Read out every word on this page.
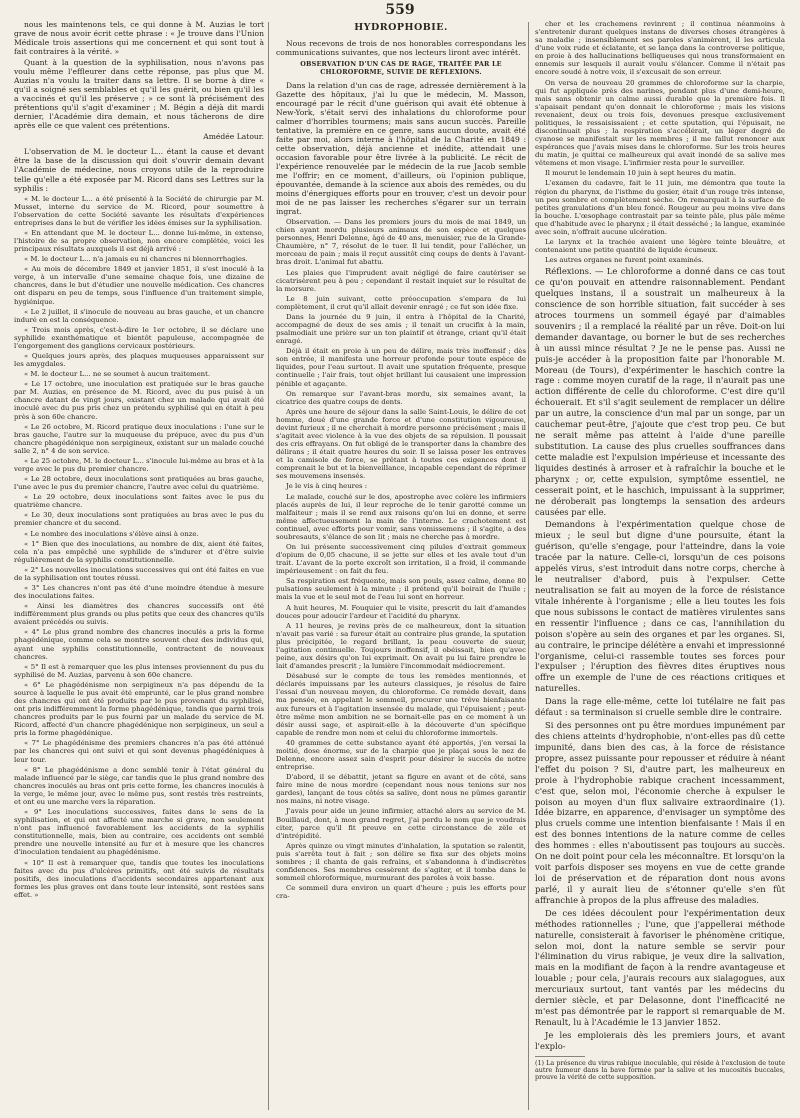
559

nous les maintenons tels, ce qui donne à M. Auzias le tort grave de nous avoir écrit cette phrase : « Je trouve dans l'Union Médicale trois assertions qui me concernent et qui sont tout à fait contraires à la vérité. »

Quant à la question de la syphilisation, nous n'avons pas voulu même l'effleurer dans cette réponse, pas plus que M. Auzias n'a voulu la traiter dans sa lettre. Il se borne à dire « qu'il a soigné ses semblables et qu'il les guérit, ou bien qu'il les a vaccinés et qu'il les préserve ; » ce sont là précisément des prétentions qu'il s'agit d'examiner ; M. Bégin a déjà dit mardi dernier, l'Académie dira demain, et nous tâcherons de dire après elle ce que valent ces prétentions.

Amédée Latour.

L'observation de M. le docteur L... étant la cause et devant être la base de la discussion qui doit s'ouvrir demain devant l'Académie de médecine, nous croyons utile de la reproduire telle qu'elle a été exposée par M. Ricord dans ses Lettres sur la syphilis :

« M. le docteur L... a été présenté à la Société de chirurgie par M. Musset, interne du service de M. Ricord, pour soumettre à l'observation de cette Société savante les résultats d'expériences entreprises dans le but de vérifier les idées émises sur la syphilisation.

« En attendant que M. le docteur L... donne lui-même, in extenso, l'histoire de sa propre observation, non encore complétée, voici les principaux résultats auxquels il est déjà arrivé :

« M. le docteur L... n'a jamais eu ni chancres ni blennorrhagies.

« Au mois de décembre 1849 et janvier 1851, il s'est inoculé à la verge, à un intervalle d'une semaine chaque fois, une dizaine de chancres, dans le but d'étudier une nouvelle médication. Ces chancres ont disparu en peu de temps, sous l'influence d'un traitement simple, hygiénique.

« Le 2 juillet, il s'inocule de nouveau au bras gauche, et un chancre induré en est la conséquence.

« Trois mois après, c'est-à-dire le 1er octobre, il se déclare une syphilide exanthématique et bientôt papuleuse, accompagnée de l'engorgement des ganglions cervicaux postérieurs.

« Quelques jours après, des plaques muqueuses apparaissent sur les amygdales.

« M. le docteur L... ne se soumet à aucun traitement.

« Le 17 octobre, une inoculation est pratiquée sur le bras gauche par M. Auzias, en présence de M. Ricord, avec du pus puisé à un chancre datant de vingt jours, existant chez un malade qui avait été inoculé avec du pus pris chez un prétendu syphilisé qui en était à peu près à son 60e chancre.

« Le 26 octobre, M. Ricord pratique deux inoculations : l'une sur le bras gauche, l'autre sur la muqueuse du prépuce, avec du pus d'un chancre phagédénique non serpigineux, existant sur un malade couché salle 2, n° 4 de son service.

« Le 25 octobre, M. le docteur L... s'inocule lui-même au bras et à la verge avec le pus du premier chancre.

« Le 28 octobre, deux inoculations sont pratiquées au bras gauche, l'une avec le pus du premier chancre, l'autre avec celui du quatrième.

« Le 29 octobre, deux inoculations sont faites avec le pus du quatrième chancre.

« Le 30, deux inoculations sont pratiquées au bras avec le pus du premier chancre et du second.

« Le nombre des inoculations s'élève ainsi à onze.

« 1° Bien que des inoculations, au nombre de dix, aient été faites, cela n'a pas empêché une syphilide de s'indurer et d'être suivie régulièrement de la syphilis constitutionnelle.

« 2° Les nouvelles inoculations successives qui ont été faites en vue de la syphilisation ont toutes réussi.

« 3° Les chancres n'ont pas été d'une moindre étendue à mesure des inoculations faites.

« Ainsi les diamètres des chancres successifs ont été indifféremment plus grands ou plus petits que ceux des chancres qu'ils avaient précédés ou suivis.

« 4° Le plus grand nombre des chancres inoculés a pris la forme phagédénique, comme cela se montre souvent chez des individus qui, ayant une syphilis constitutionnelle, contractent de nouveaux chancres.

« 5° Il est à remarquer que les plus intenses proviennent du pus du syphilisé de M. Auzias, parvenu à son 60e chancre.

« 6° Le phagédénisme non serpigineux n'a pas dépendu de la source à laquelle le pus avait été emprunté, car le plus grand nombre des chancres qui ont été produits par le pus provenant du syphilisé, ont pris indifféremment la forme phagédénique, tandis que parmi trois chancres produits par le pus fourni par un malade du service de M. Ricord, affecté d'un chancre phagédénique non serpigineux, un seul a pris la forme phagédénique.

« 7° Le phagédénisme des premiers chancres n'a pas été atténué par les chancres qui ont suivi et qui sont devenus phagédéniques à leur tour.

« 8° Le phagédénisme a donc semblé tenir à l'état général du malade influencé par le siège, car tandis que le plus grand nombre des chancres inoculés au bras ont pris cette forme, les chancres inoculés à la verge, le même jour, avec le même pus, sont restés très restreints, et ont eu une marche vers la réparation.

« 9° Les inoculations successives, faites dans le sens de la syphilisation, et qui ont affecté une marche si grave, non seulement n'ont pas influencé favorablement les accidents de la syphilis constitutionnelle, mais, bien au contraire, ces accidents ont semblé prendre une nouvelle intensité au fur et à mesure que les chancres d'inoculation tendaient au phagédénisme.

« 10° Il est à remarquer que, tandis que toutes les inoculations faites avec du pus d'ulcères primitifs, ont été suivis de résultats positifs, des inoculations d'accidents secondaires appartenant aux formes les plus graves ont dans toute leur intensité, sont restées sans effet. »

HYDROPHOBIE.

Nous recevons de trois de nos honorables correspondans les communications suivantes, que nos lecteurs liront avec intérêt.

OBSERVATION D'UN CAS DE RAGE, TRAITÉE PAR LE CHLOROFORME, SUIVIE DE RÉFLEXIONS.

Dans la relation d'un cas de rage, adressée dernièrement à la Gazette des hôpitaux, j'ai lu que le médecin, M. Masson, encouragé par le récit d'une guérison qui avait été obtenue à New-York, s'était servi des inhalations du chloroforme pour calmer d'horribles tourmens; mais sans aucun succès. Pareille tentative, la première en ce genre, sans aucun doute, avait été faite par moi, alors interne à l'hôpital de la Charité en 1849 : cette observation, déjà ancienne et inédite, attendait une occasion favorable pour être livrée à la publicité. Le récit de l'expérience renouvelée par le médecin de la rue Jacob semble me l'offrir; en ce moment, d'ailleurs, où l'opinion publique, épouvantée, demande à la science aux abois des remèdes, ou du moins d'énergiques efforts pour en trouver, c'est un devoir pour moi de ne pas laisser les recherches s'égarer sur un terrain ingrat.

Observation. — Dans les premiers jours du mois de mai 1849, un chien ayant mordu plusieurs animaux de son espèce et quelques personnes, Henri Delenne, âgé de 40 ans, menuisier, rue de la Grande-Chaumière, n° 7, résolut de le tuer. Il lui tendit, pour l'allécher, un morceau de pain ; mais il reçut aussitôt cinq coups de dents à l'avant-bras droit. L'animal fut abattu.

Les plaies que l'imprudent avait négligé de faire cautériser se cicatrisèrent peu à peu ; cependant il restait inquiet sur le résultat de la morsure.

Le 8 juin suivant, cette préoccupation s'empara de lui complètement, il crut qu'il allait devenir enragé ; ce fut son idée fixe.

Dans la journée du 9 juin, il entra à l'hôpital de la Charité, accompagné de deux de ses amis ; il tenait un crucifix à la main, psalmodiait une prière sur un ton plaintif et étrange, criant qu'il était enragé.

Déjà il était en proie à un peu de délire, mais très inoffensif ; dès son entrée, il manifesta une horreur profonde pour toute espèce de liquides, pour l'eau surtout. Il avait une sputation fréquente, presque continuelle ; l'air frais, tout objet brillant lui causaient une impression pénible et agaçante.

On remarque sur l'avant-bras mordu, six semaines avant, la cicatrice des quatre coups de dents.

Après une heure de séjour dans la salle Saint-Louis, le délire de cet homme, doué d'une grande force et d'une constitution vigoureuse, devint furieux ; il ne cherchait à mordre personne précisément ; mais il s'agitait avec violence à la vue des objets de sa répulsion. Il poussait des cris effrayans. On fut obligé de le transporter dans la chambre des délirans ; il était quatre heures du soir. Il se laissa poser les entraves et la camisole de force, se prêtant à toutes ces exigences dont il comprenait le but et la bienveillance, incapable cependant de réprimer ses mouvemens insensés.

Je le vis à cinq heures :

Le malade, couché sur le dos, apostrophe avec colère les infirmiers placés auprès de lui, il leur reproche de le tenir garotté comme un malfaiteur ; mais il se rend aux raisons qu'on lui en donne, et serre même affectueusement la main de l'interne. Le crachotement est continuel, avec efforts pour vomir, sans vomissemens ; il s'agite, a des soubresauts, s'élance de son lit ; mais ne cherche pas à mordre.

On lui présente successivement cinq pilules d'extrait gommeux d'opium de 0,05 chacune, il se jette sur elles et les avale tout d'un trait. L'avant de la porte excroît son irritation, il a froid, il commande impérieusement : on fait du feu.

Sa respiration est fréquente, mais son pouls, assez calme, donne 80 pulsations seulement à la minute ; il prétend qu'il boirait de l'huile ; mais la vue et le seul mot de l'eau lui sont en horreur.

A huit heures, M. Fouquier qui le visite, prescrit du lait d'amandes douces pour adoucir l'ardeur et l'acidité du pharynx.

A 11 heures, je revins près de ce malheureux, dont la situation n'avait pas varié : sa fureur était au contraire plus grande, la sputation plus précipitée, le regard brillant, la peau couverte de sueur, l'agitation continuelle. Toujours inoffensif, il obéissait, bien qu'avec peine, aux désirs qu'on lui exprimait. On avait pu lui faire prendre le lait d'amandes prescrit ; la lumière l'incommodait médiocrement.

Désabusé sur le compte de tous les remèdes mentionnés, et déclarés impuissans par les auteurs classiques, je résolus de faire l'essai d'un nouveau moyen, du chloroforme. Ce remède devait, dans ma pensée, en appelant le sommeil, procurer une trêve bienfaisante aux fureurs et à l'agitation insensée du malade, qui l'épuisaient ; peut-être même mon ambition ne se bornait-elle pas en ce moment à un désir aussi sage, et aspirait-elle à la découverte d'un spécifique capable de rendre mon nom et celui du chloroforme immortels.

40 grammes de cette substance ayant été apportés, j'en versai la moitié, dose énorme, sur de la charpie que je plaçai sous le nez de Delenne, encore assez sain d'esprit pour désirer le succès de notre entreprise.

D'abord, il se débattit, jetant sa figure en avant et de côté, sans faire mine de nous mordre (cependant nous nous tenions sur nos gardes), lançant de tous côtés sa salive, dont nous ne pûmes garantir nos mains, ni notre visage.

J'avais pour aide un jeune infirmier, attaché alors au service de M. Bouillaud, dont, à mon grand regret, j'ai perdu le nom que je voudrais citer, parce qu'il fit preuve en cette circonstance de zèle et d'intrépidité.

Après quinze ou vingt minutes d'inhalation, la sputation se ralentit, puis s'arrêta tout à fait ; son délire se fixa sur des objets moins sombres ; il chanta de gais refrains, et s'abandonna à d'indiscrètes confidences. Ses membres cessèrent de s'agiter, et il tomba dans le sommeil chloroformique, murmurant des paroles à voix basse.

Ce sommeil dura environ un quart d'heure ; puis les efforts pour cra-

cher et les crachemens revinrent ; il continua néanmoins à s'entretenir durant quelques instans de diverses choses étrangères à sa maladie ; insensiblement ses paroles s'animèrent, il les articula d'une voix rude et éclatante, et se lança dans la controverse politique, en proie à des hallucinations belliqueuses qui nous transformaient en ennemis sur lesquels il aurait voulu s'élancer. Comme il n'était pas encore soudé à notre voix, il s'excusait de son erreur.

On versa de nouveau 20 grammes de chloroforme sur la charpie, qui fut appliquée près des narines, pendant plus d'une demi-heure, mais sans obtenir un calme aussi durable que la première fois. Il s'apaisait pendant qu'on donnait le chloroforme ; mais les visions revenaient, deux ou trois fois, devenues presque exclusivement politiques, le ressaisissaient ; et cette sputation, qui l'épuisait, ne discontinuait plus ; la respiration s'accélérait, un léger degré de cyanose se manifestait sur les membres ; il me fallut renoncer aux espérances que j'avais mises dans le chloroforme. Sur les trois heures du matin, je quittai ce malheureux qui avait inondé de sa salive mes vêtemens et mon visage. L'infirmier resta pour le surveiller.

Il mourut le lendemain 10 juin à sept heures du matin.

L'examen du cadavre, fait le 11 juin, me démontra que toute la région du pharynx, de l'isthme du gosier, était d'un rouge très intense, un peu sombre et complètement sèche. On remarquait à la surface de petites granulations d'un bleu foncé. Rougeur au peu moins vive dans la bouche. L'œsophage contrastait par sa teinte pâle, plus pâle même que d'habitude avec le pharynx ; il était desséché ; la langue, examinée avec soin, n'offrait aucune ulcération.

Le larynx et la trachée avaient une légère teinte bleuâtre, et contenaient une petite quantité de liquide écumeux.

Les autres organes ne furent point examinés.

Réflexions. — Le chloroforme a donné dans ce cas tout ce qu'on pouvait en attendre raisonnablement. Pendant quelques instans, il a soustrait un malheureux à la conscience de son horrible situation, fait succéder à ses atroces tourmens un sommeil égayé par d'aimables souvenirs ; il a remplacé la réalité par un rêve. Doit-on lui demander davantage, ou borner le but de ses recherches à un aussi mince résultat ? Je ne le pense pas. Aussi ne puis-je accéder à la proposition faite par l'honorable M. Moreau (de Tours), d'expérimenter le haschich contre la rage : comme moyen curatif de la rage, il n'aurait pas une action différente de celle du chloroforme. C'est dire qu'il échouerait. Et s'il s'agit seulement de remplacer un délire par un autre, la conscience d'un mal par un songe, par un cauchemar peut-être, j'ajoute que c'est trop peu. Ce but ne serait même pas atteint à l'aide d'une pareille substitution. La cause des plus cruelles souffrances dans cette maladie est l'expulsion impérieuse et incessante des liquides destinés à arroser et à rafraîchir la bouche et le pharynx ; or, cette expulsion, symptôme essentiel, ne cesserait point, et le haschich, impuissant à la supprimer, ne déroberait pas longtemps la sensation des ardeurs causées par elle.

Demandons à l'expérimentation quelque chose de mieux ; le seul but digne d'une poursuite, étant la guérison, qu'elle s'engage, pour l'atteindre, dans la voie tracée par la nature. Celle-ci, lorsqu'un de ces poisons appelés virus, s'est introduit dans notre corps, cherche à le neutraliser d'abord, puis à l'expulser. Cette neutralisation se fait au moyen de la force de résistance vitale inhérente à l'organisme ; elle a lieu toutes les fois que nous subissons le contact de matières virulentes sans en ressentir l'influence ; dans ce cas, l'annihilation du poison s'opère au sein des organes et par les organes. Si, au contraire, le principe délétère a envahi et impressionné l'organisme, celui-ci rassemble toutes ses forces pour l'expulser ; l'éruption des fièvres dites éruptives nous offre un exemple de l'une de ces réactions critiques et naturelles.

Dans la rage elle-même, cette loi tutélaire ne fait pas défaut : sa terminaison si cruelle semble dire le contraire.

Si des personnes ont pu être mordues impunément par des chiens atteints d'hydrophobie, n'ont-elles pas dû cette impunité, dans bien des cas, à la force de résistance propre, assez puissante pour repousser et réduire à néant l'effet du poison ? Si, d'autre part, les malheureux en proie à l'hydrophobie rabique crachent incessamment, c'est que, selon moi, l'économie cherche à expulser le poison au moyen d'un flux salivaire extraordinaire (1). Idée bizarre, en apparence, d'envisager un symptôme des plus cruels comme une intention bienfaisante ! Mais il en est des bonnes intentions de la nature comme de celles des hommes : elles n'aboutissent pas toujours au succès. On ne doit point pour cela les méconnaître. Et lorsqu'on la voit parfois disposer ses moyens en vue de cette grande loi de préservation et de réparation dont nous avons parlé, il y aurait lieu de s'étonner qu'elle s'en fût affranchie à propos de la plus affreuse des maladies.

De ces idées découlent pour l'expérimentation deux méthodes rationnelles ; l'une, que j'appellerai méthode naturelle, consisterait à favoriser le phénomène critique, selon moi, dont la nature semble se servir pour l'élimination du virus rabique, je veux dire la salivation, mais en la modifiant de façon à la rendre avantageuse et louable ; pour cela, j'aurais recours aux sialagogues, aux mercuriaux surtout, tant vantés par les médecins du dernier siècle, et par Delasonne, dont l'inefficacité ne m'est pas démontrée par le rapport si remarquable de M. Renault, lu à l'Académie le 13 janvier 1852.

Je les emploierais dès les premiers jours, et avant l'explo-

(1) La présence du virus rabique inoculable, qui réside à l'exclusion de toute autre humeur dans la bave formée par la salive et les mucosités buccales, prouve la vérité de cette supposition.
